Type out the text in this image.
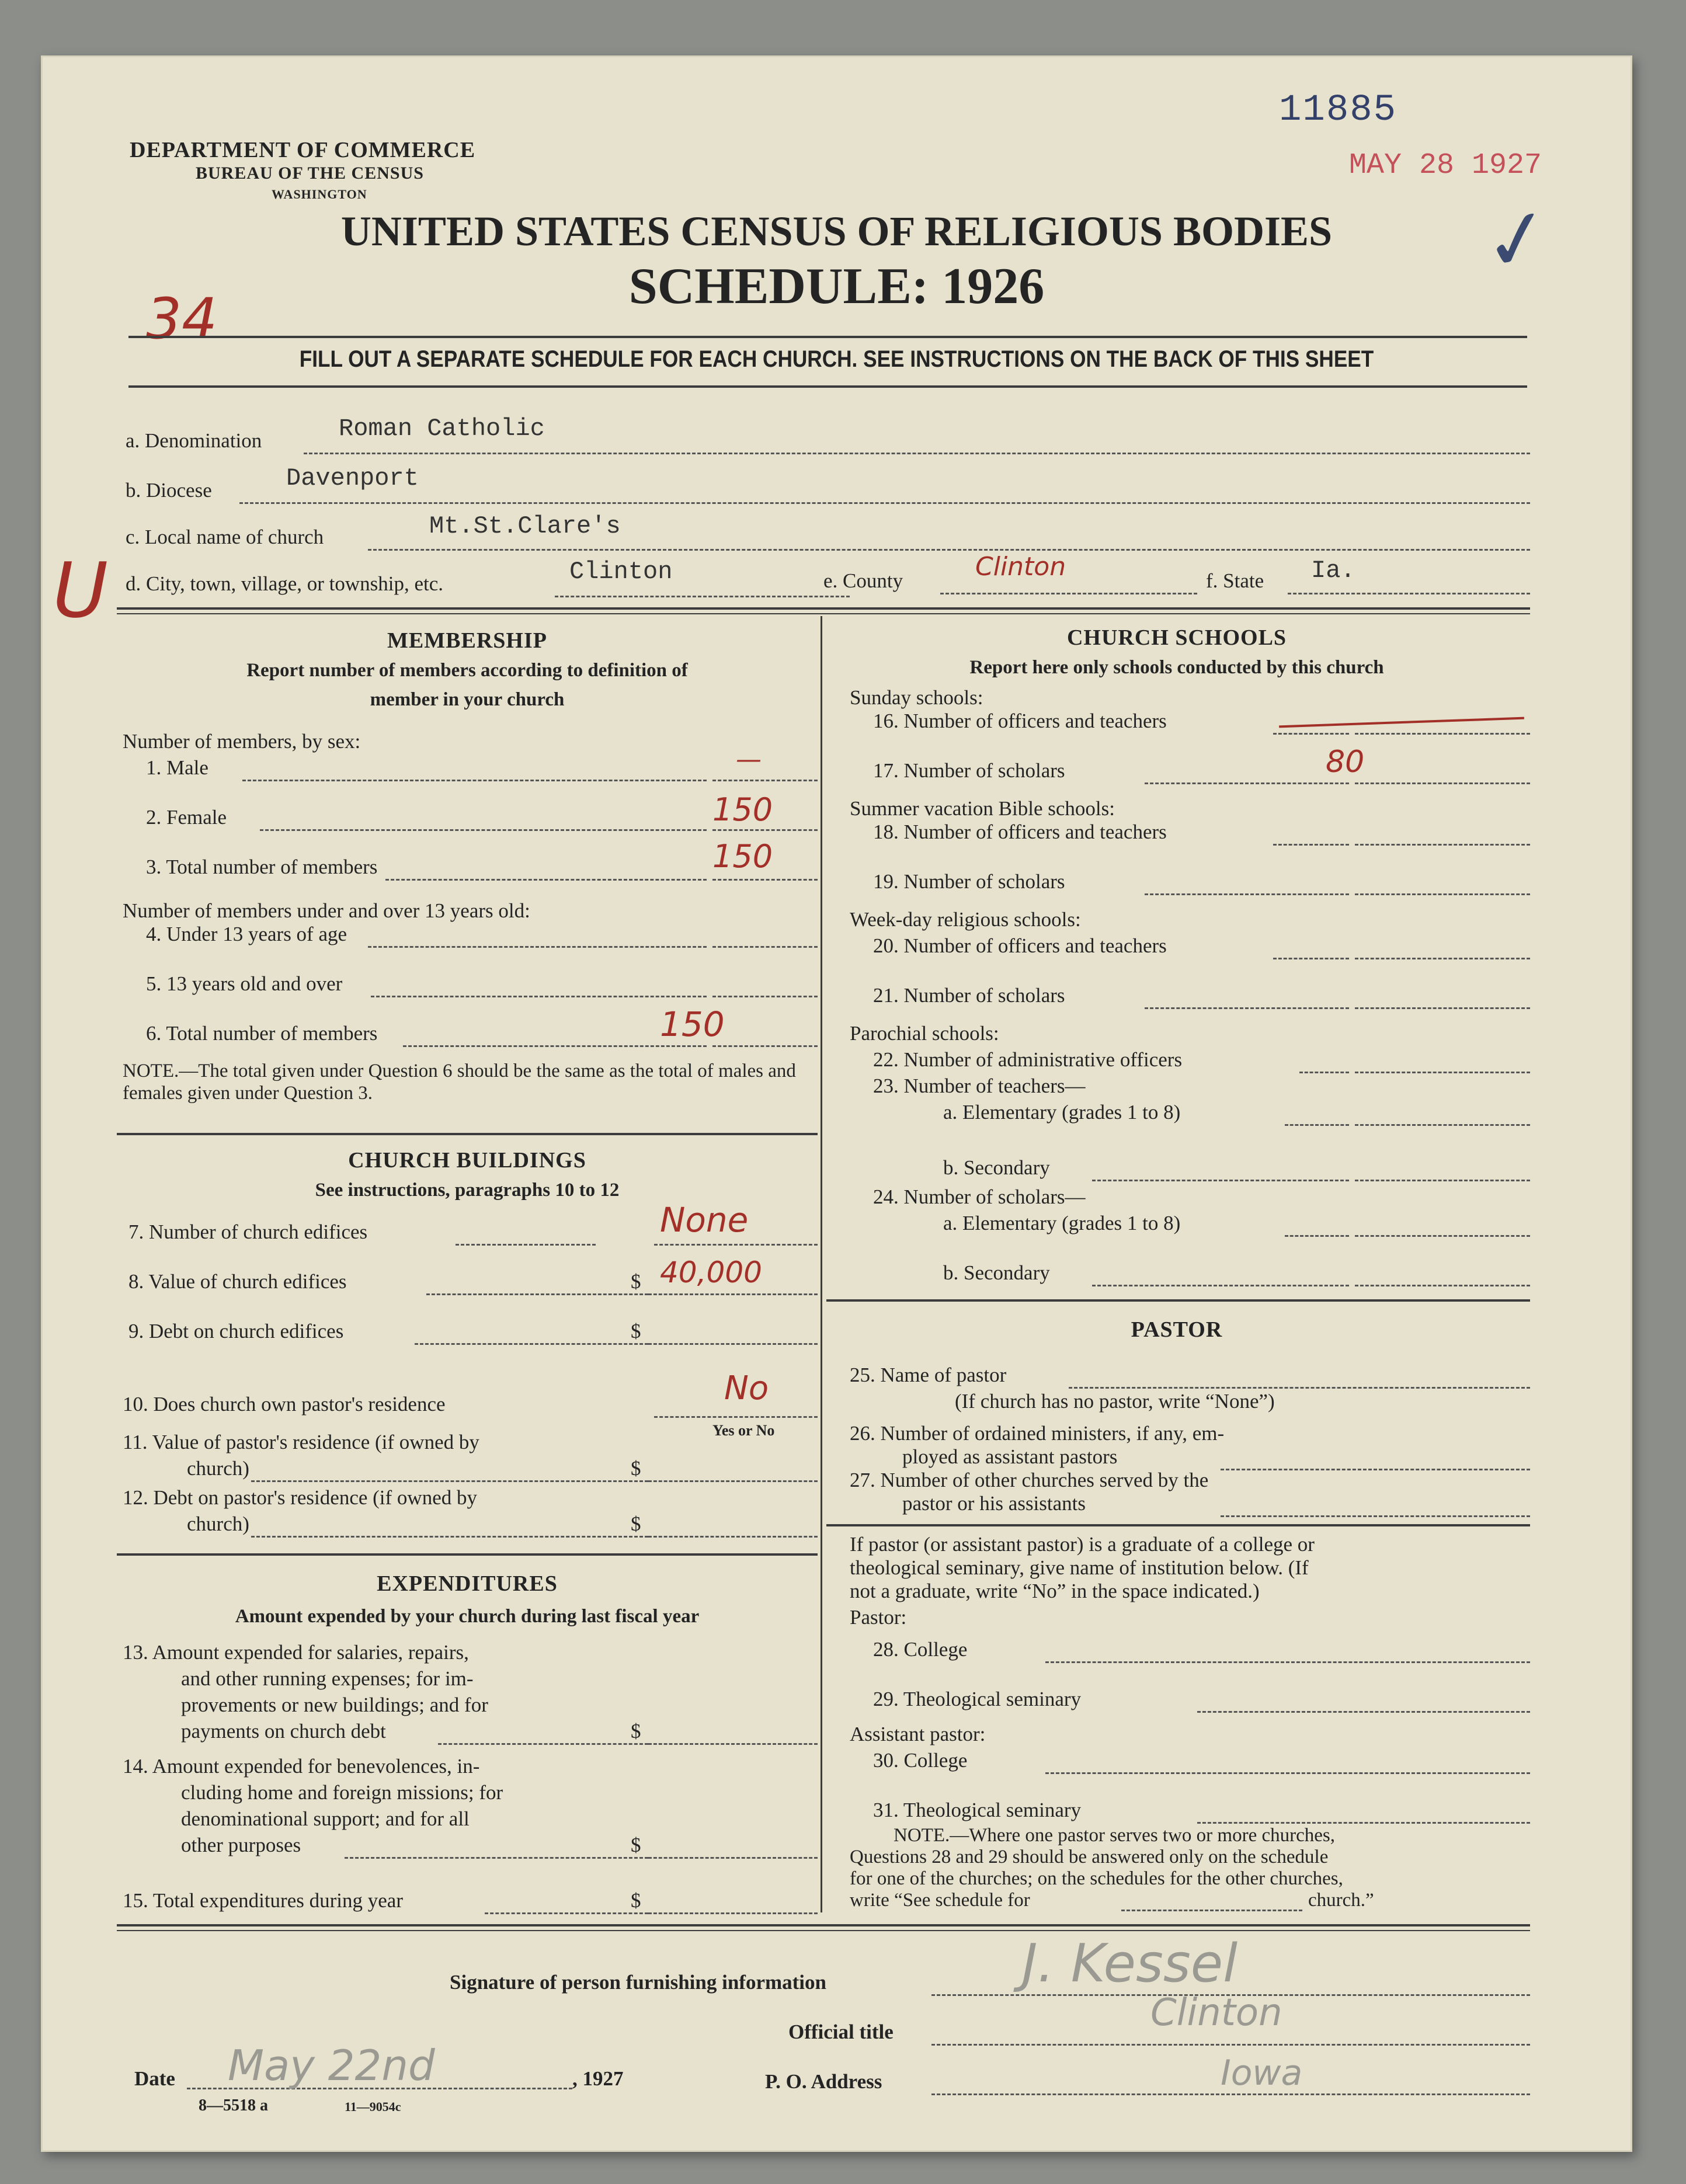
11885
MAY 28 1927
✓
34
U
DEPARTMENT OF COMMERCE
BUREAU OF THE CENSUS
WASHINGTON
UNITED STATES CENSUS OF RELIGIOUS BODIES
SCHEDULE: 1926
FILL OUT A SEPARATE SCHEDULE FOR EACH CHURCH. SEE INSTRUCTIONS ON THE BACK OF THIS SHEET
a. Denomination	Roman Catholic
b. Diocese	Davenport
c. Local name of church	Mt.St.Clare's
d. City, town, village, or township, etc.	Clinton	e. County	Clinton	f. State Ia.
MEMBERSHIP
Report number of members according to definition of
member in your church
Number of members, by sex:
1. Male	—
2. Female	150
3. Total number of members	150
Number of members under and over 13 years old:
4. Under 13 years of age
5. 13 years old and over
6. Total number of members	150
NOTE.—The total given under Question 6 should be the same as the total of males and females given under Question 3.
CHURCH BUILDINGS
See instructions, paragraphs 10 to 12
7. Number of church edifices	None
8. Value of church edifices	$ 40,000
9. Debt on church edifices	$
10. Does church own pastor's residence	No
Yes or No
11. Value of pastor's residence (if owned by
church)	$
12. Debt on pastor's residence (if owned by
church)	$
EXPENDITURES
Amount expended by your church during last fiscal year
13. Amount expended for salaries, repairs,
and other running expenses; for im-
provements or new buildings; and for
payments on church debt	$
14. Amount expended for benevolences, in-
cluding home and foreign missions; for
denominational support; and for all
other purposes	$
15. Total expenditures during year	$
CHURCH SCHOOLS
Report here only schools conducted by this church
Sunday schools:
16. Number of officers and teachers
17. Number of scholars	80
Summer vacation Bible schools:
18. Number of officers and teachers
19. Number of scholars
Week-day religious schools:
20. Number of officers and teachers
21. Number of scholars
Parochial schools:
22. Number of administrative officers
23. Number of teachers—
a. Elementary (grades 1 to 8)
b. Secondary
24. Number of scholars—
a. Elementary (grades 1 to 8)
b. Secondary
PASTOR
25. Name of pastor
(If church has no pastor, write “None”)
26. Number of ordained ministers, if any, em-
ployed as assistant pastors
27. Number of other churches served by the
pastor or his assistants
If pastor (or assistant pastor) is a graduate of a college or
theological seminary, give name of institution below. (If
not a graduate, write “No” in the space indicated.)
Pastor:
28. College
29. Theological seminary
Assistant pastor:
30. College
31. Theological seminary
NOTE.—Where one pastor serves two or more churches,
Questions 28 and 29 should be answered only on the schedule
for one of the churches; on the schedules for the other churches,
write “See schedule for	church.”
Signature of person furnishing information	J. Kessel
Official title	Clinton
Date May 22nd	, 1927	P. O. Address	Iowa
8—5518 a	11—9054c
